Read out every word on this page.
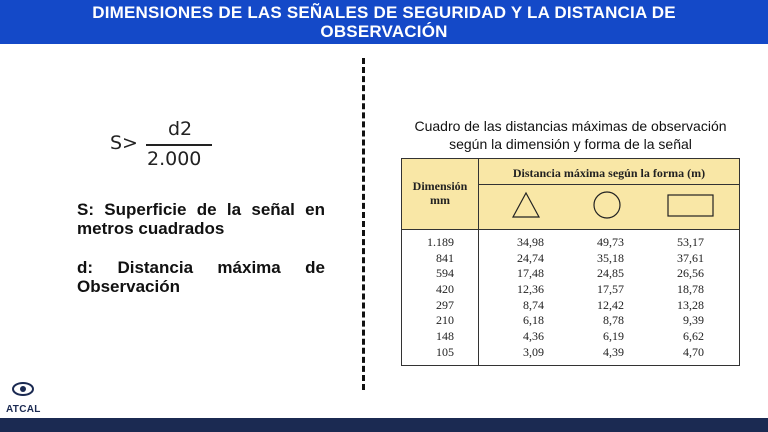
DIMENSIONES DE LAS SEÑALES DE SEGURIDAD Y LA DISTANCIA DE
OBSERVACIÓN
S>
d2
2.000
S: Superficie de la señal en metros cuadrados
d: Distancia máxima de Observación
Cuadro de las distancias máximas de observación
según la dimensión y forma de la señal
Dimensión
mm
Distancia máxima según la forma (m)
1.189	34,98	49,73	53,17
841	24,74	35,18	37,61
594	17,48	24,85	26,56
420	12,36	17,57	18,78
297	8,74	12,42	13,28
210	6,18	8,78	9,39
148	4,36	6,19	6,62
105	3,09	4,39	4,70
ATCAL
